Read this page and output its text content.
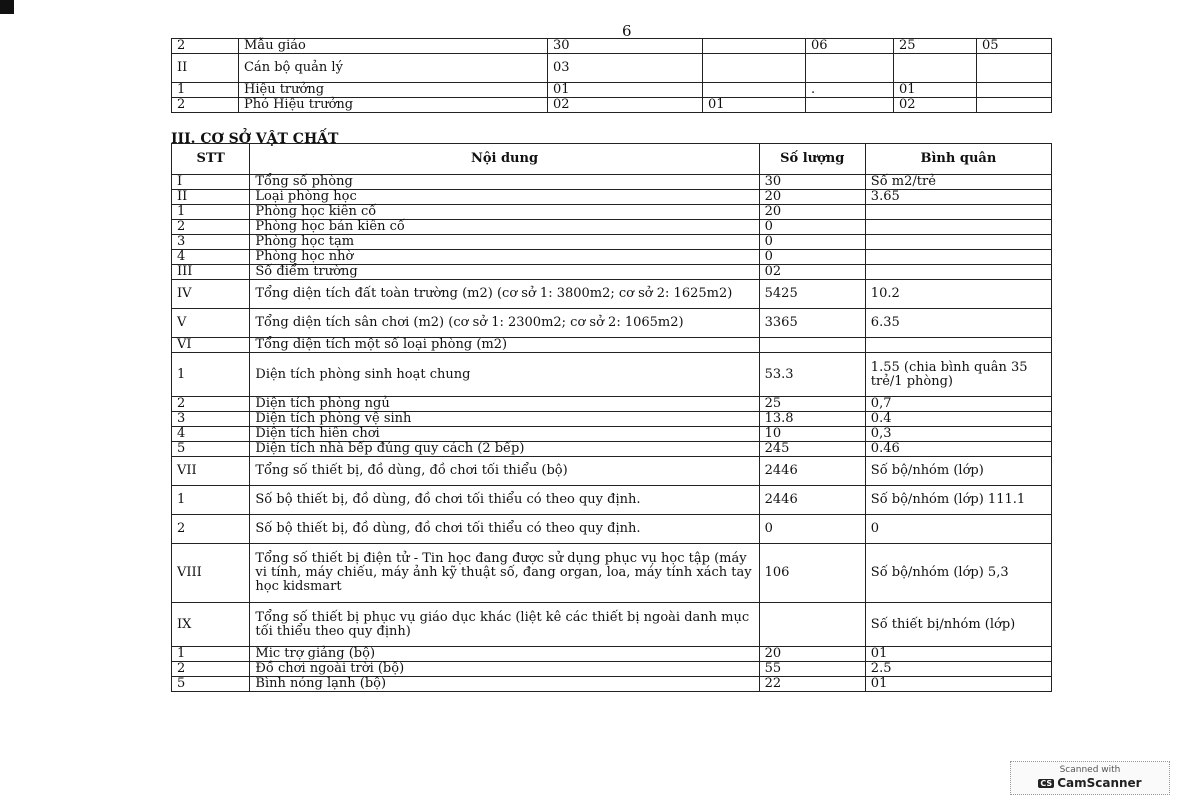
6
2	Mẫu giáo	30		06	25	05
II	Cán bộ quản lý	03				
1	Hiệu trưởng	01		.	01	
2	Phó Hiệu trưởng	02	01		02	
III. CƠ SỞ VẬT CHẤT
STT	Nội dung	Số lượng	Bình quân
I	Tổng số phòng	30	Số m2/trẻ
II	Loại phòng học	20	3.65
1	Phòng học kiên cố	20	
2	Phòng học bán kiên cố	0	
3	Phòng học tạm	0	
4	Phòng học nhờ	0	
III	Số điểm trường	02	
IV	Tổng diện tích đất toàn trường (m2) (cơ sở 1: 3800m2; cơ sở 2: 1625m2)	5425	10.2
V	Tổng diện tích sân chơi (m2) (cơ sở 1: 2300m2; cơ sở 2: 1065m2)	3365	6.35
VI	Tổng diện tích một số loại phòng (m2)		
1	Diện tích phòng sinh hoạt chung	53.3	1.55 (chia bình quân 35 trẻ/1 phòng)
2	Diện tích phòng ngủ	25	0,7
3	Diện tích phòng vệ sinh	13.8	0.4
4	Diện tích hiên chơi	10	0,3
5	Diện tích nhà bếp đúng quy cách (2 bếp)	245	0.46
VII	Tổng số thiết bị, đồ dùng, đồ chơi tối thiểu (bộ)	2446	Số bộ/nhóm (lớp)
1	Số bộ thiết bị, đồ dùng, đồ chơi tối thiểu có theo quy định.	2446	Số bộ/nhóm (lớp) 111.1
2	Số bộ thiết bị, đồ dùng, đồ chơi tối thiểu có theo quy định.	0	0
VIII	Tổng số thiết bị điện tử - Tin học đang được sử dụng phục vụ học tập (máy vi tính, máy chiếu, máy ảnh kỹ thuật số, đang organ, loa, máy tính xách tay học kidsmart	106	Số bộ/nhóm (lớp) 5,3
IX	Tổng số thiết bị phục vụ giáo dục khác (liệt kê các thiết bị ngoài danh mục tối thiểu theo quy định)		Số thiết bị/nhóm (lớp)
1	Mic trợ giảng (bộ)	20	01
2	Đồ chơi ngoài trời (bộ)	55	2.5
5	Bình nóng lạnh (bộ)	22	01
Scanned with
CS CamScanner
